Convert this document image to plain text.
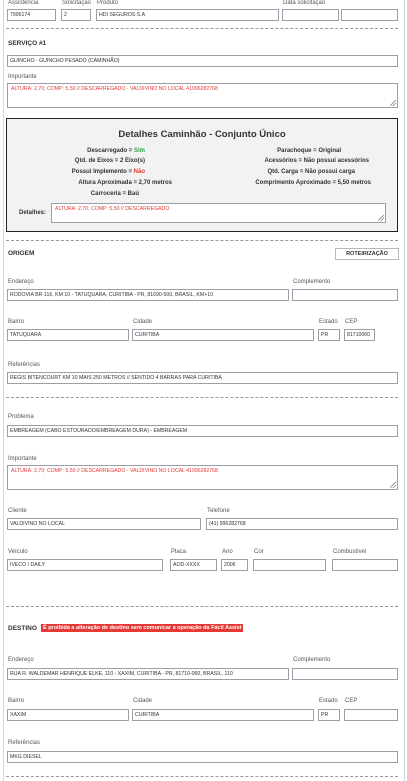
Assistência
7996174
Solicitação
2
Produto
HDI SEGUROS S.A
Data solicitação
SERVIÇO #1
GUINCHO - GUINCHO PESADO (CAMINHÃO)
Importante
ALTURA: 2,70; COMP: 5,50 // DESCARREGADO - VALDIVINO NO LOCAL 41996282768
Detalhes Caminhão - Conjunto Único
Descarregado = Sim
Qtd. de Eixos = 2 Eixo(s)
Possui Implemento = Não
Altura Aproximada = 2,70 metros
Carroceria = Baú
Parachoque = Original
Acessórios = Não possui acessórios
Qtd. Carga = Não possui carga
Comprimento Aproximado = 5,50 metros
Detalhes:
ALTURA: 2,70; COMP: 5,50 // DESCARREGADO
ORIGEM	ROTEIRIZAÇÃO
Endereço
RODOVIA BR-116, KM 10 - TATUQUARA, CURITIBA - PR, 81690-500, BRASIL, KM+10
Complemento
Bairro
TATUQUARA
Cidade
CURITIBA
Estado
PR
CEP
81710060
Referências
REGIS BITENCOURT KM 10 MAIS 250 METROS // SENTIDO 4 BARRAS PARA CURITIBA
Problema
EMBREAGEM (CABO ESTOURADO/EMBREAGEM DURA) - EMBREAGEM
Importante
ALTURA: 2,70; COMP: 5,50 // DESCARREGADO - VALDIVINO NO LOCAL 41996282768
Cliente
VALDIVINO NO LOCAL
Telefone
(41) 996282768
Veículo
IVECO / DAILY
Placa
AOD-XXXX
Ano
2006
Cor	Combustível
DESTINO	É proibida a alteração de destino sem comunicar a operação da Fácil Assist
Endereço
RUA R. WALDEMAR HENRIQUE ELKE, 110 - XAXIM, CURITIBA - PR, 81710-060, BRASIL, 110
Complemento
Bairro
XAXIM
Cidade
CURITIBA
Estado
PR
CEP
Referências
MKG DIESEL
